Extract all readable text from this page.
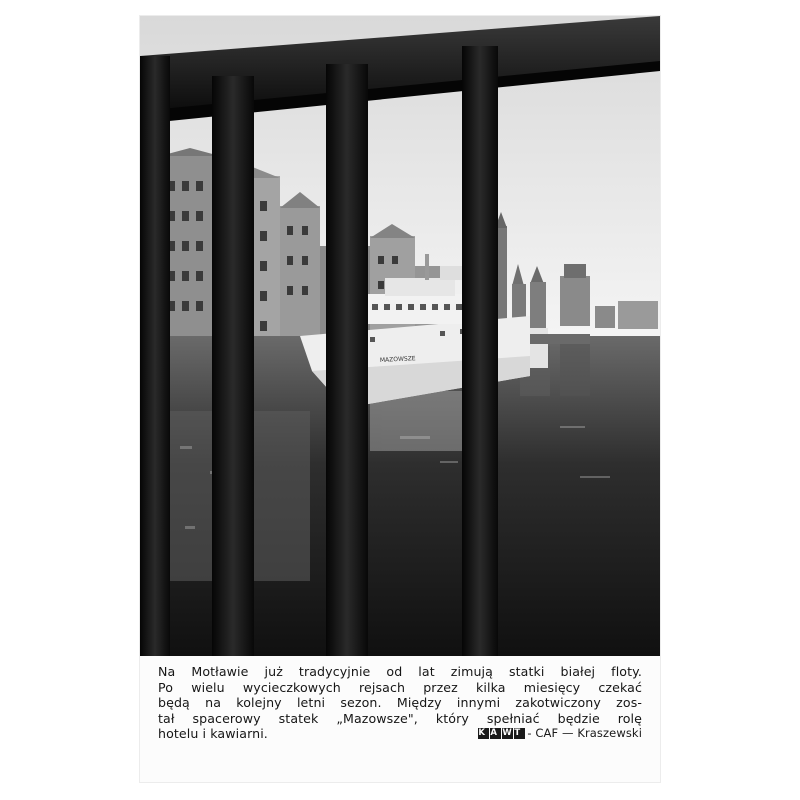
MAZOWSZE
Na Motławie już tradycyjnie od lat zimują statki białej floty.
Po wielu wycieczkowych rejsach przez kilka miesięcy czekać
będą na kolejny letni sezon. Między innymi zakotwiczony zos-
tał spacerowy statek „Mazowsze", który spełniać będzie rolę
hotelu i kawiarni.	K A W T - CAF — Kraszewski
